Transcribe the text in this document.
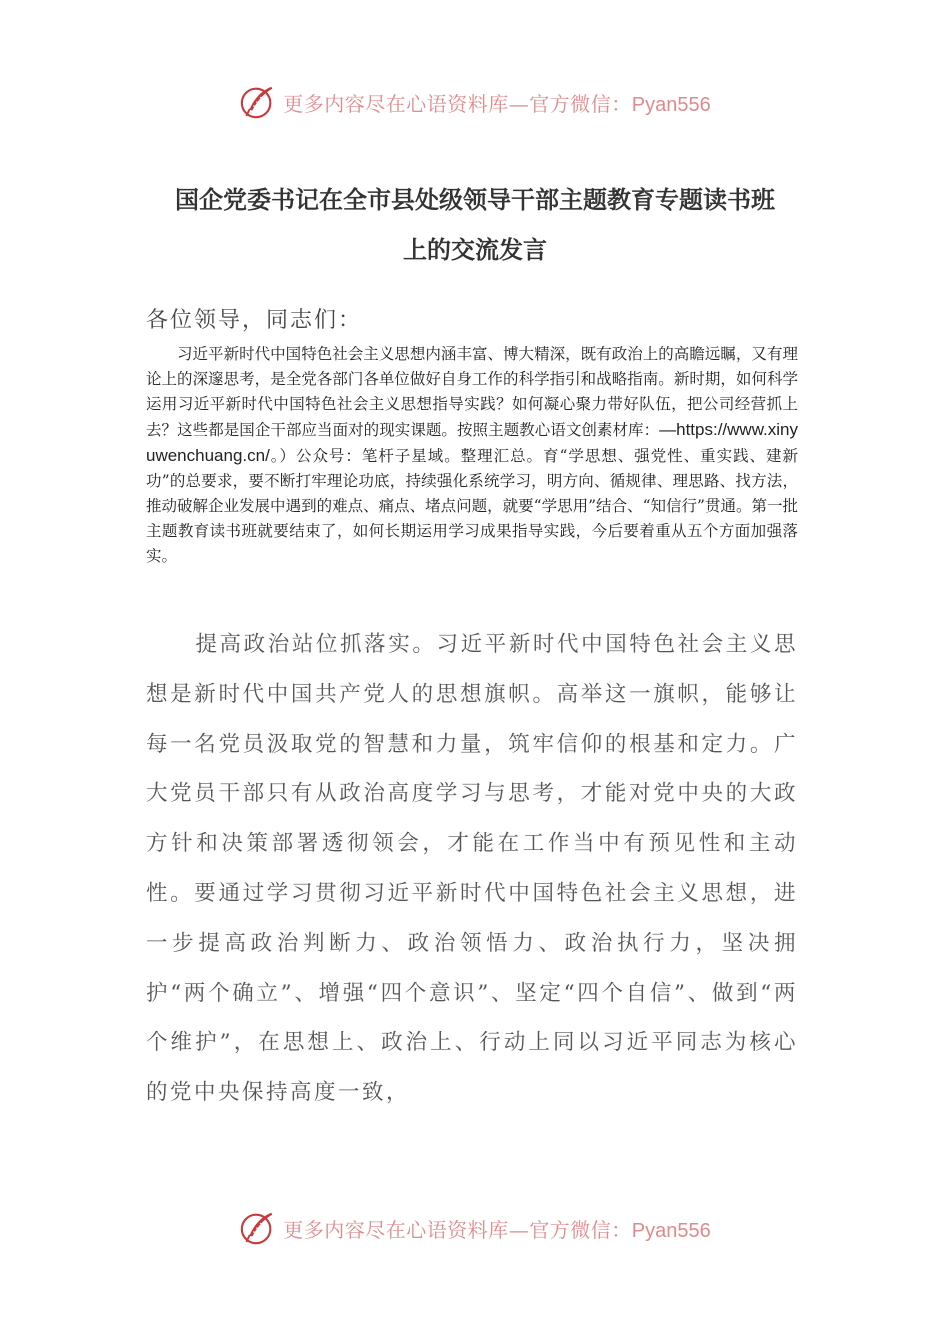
更多内容尽在心语资料库—官方微信：Pyan556
国企党委书记在全市县处级领导干部主题教育专题读书班
上的交流发言

各位领导，同志们：

习近平新时代中国特色社会主义思想内涵丰富、博大精深，既有政治上的高瞻远瞩，又有理论上的深邃思考，是全党各部门各单位做好自身工作的科学指引和战略指南。新时期，如何科学运用习近平新时代中国特色社会主义思想指导实践？如何凝心聚力带好队伍，把公司经营抓上去？这些都是国企干部应当面对的现实课题。按照主题教心语文创素材库：—https://www.xinyuwenchuang.cn/。）公众号：笔杆子星域。整理汇总。育“学思想、强党性、重实践、建新功”的总要求，要不断打牢理论功底，持续强化系统学习，明方向、循规律、理思路、找方法，推动破解企业发展中遇到的难点、痛点、堵点问题，就要“学思用”结合、“知信行”贯通。第一批主题教育读书班就要结束了，如何长期运用学习成果指导实践，今后要着重从五个方面加强落实。

提高政治站位抓落实。习近平新时代中国特色社会主义思想是新时代中国共产党人的思想旗帜。高举这一旗帜，能够让每一名党员汲取党的智慧和力量，筑牢信仰的根基和定力。广大党员干部只有从政治高度学习与思考，才能对党中央的大政方针和决策部署透彻领会，才能在工作当中有预见性和主动性。要通过学习贯彻习近平新时代中国特色社会主义思想，进一步提高政治判断力、政治领悟力、政治执行力，坚决拥护“两个确立”、增强“四个意识”、坚定“四个自信”、做到“两个维护”，在思想上、政治上、行动上同以习近平同志为核心的党中央保持高度一致，

更多内容尽在心语资料库—官方微信：Pyan556
